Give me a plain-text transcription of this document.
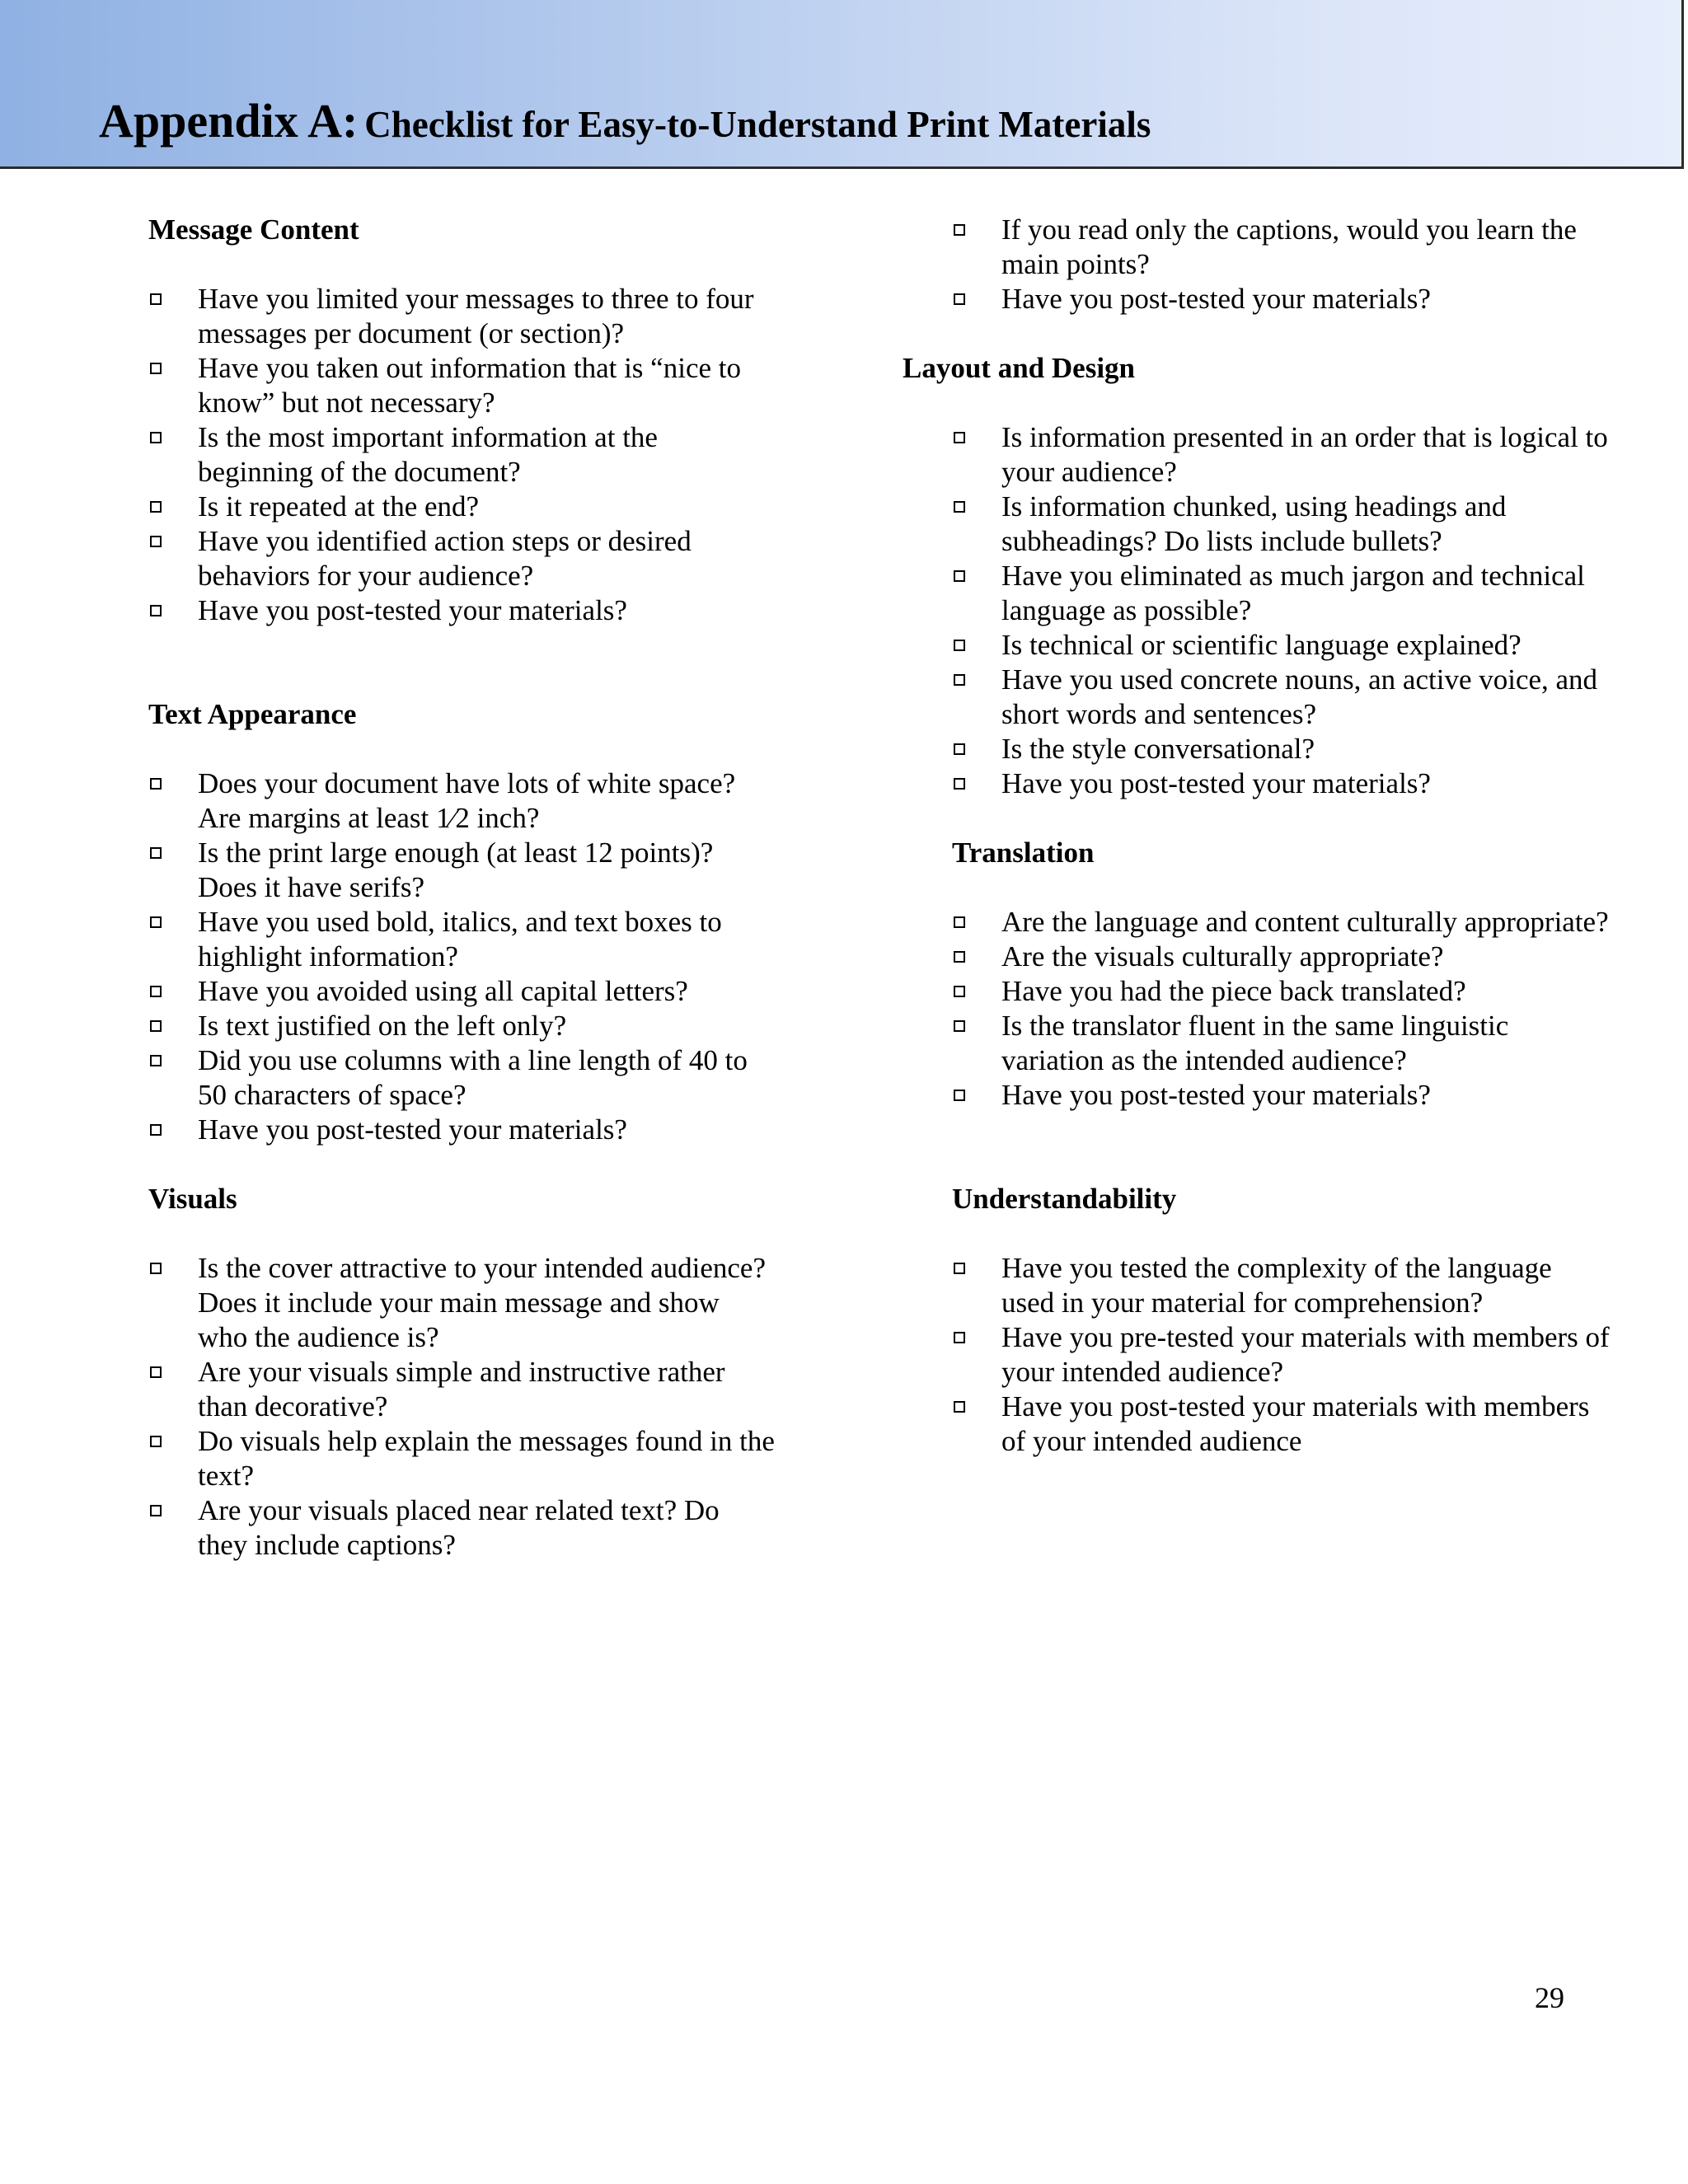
Appendix A: Checklist for Easy-to-Understand Print Materials
Message Content
Have you limited your messages to three to four messages per document (or section)?
Have you taken out information that is “nice to know” but not necessary?
Is the most important information at the beginning of the document?
Is it repeated at the end?
Have you identified action steps or desired behaviors for your audience?
Have you post-tested your materials?
Text Appearance
Does your document have lots of white space? Are margins at least 1⁄2 inch?
Is the print large enough (at least 12 points)? Does it have serifs?
Have you used bold, italics, and text boxes to highlight information?
Have you avoided using all capital letters?
Is text justified on the left only?
Did you use columns with a line length of 40 to 50 characters of space?
Have you post-tested your materials?
Visuals
Is the cover attractive to your intended audience? Does it include your main message and show who the audience is?
Are your visuals simple and instructive rather than decorative?
Do visuals help explain the messages found in the text?
Are your visuals placed near related text? Do they include captions?
If you read only the captions, would you learn the main points?
Have you post-tested your materials?
Layout and Design
Is information presented in an order that is logical to your audience?
Is information chunked, using headings and subheadings? Do lists include bullets?
Have you eliminated as much jargon and technical language as possible?
Is technical or scientific language explained?
Have you used concrete nouns, an active voice, and short words and sentences?
Is the style conversational?
Have you post-tested your materials?
Translation
Are the language and content culturally appropriate?
Are the visuals culturally appropriate?
Have you had the piece back translated?
Is the translator fluent in the same linguistic variation as the intended audience?
Have you post-tested your materials?
Understandability
Have you tested the complexity of the language used in your material for comprehension?
Have you pre-tested your materials with members of your intended audience?
Have you post-tested your materials with members of your intended audience
29
